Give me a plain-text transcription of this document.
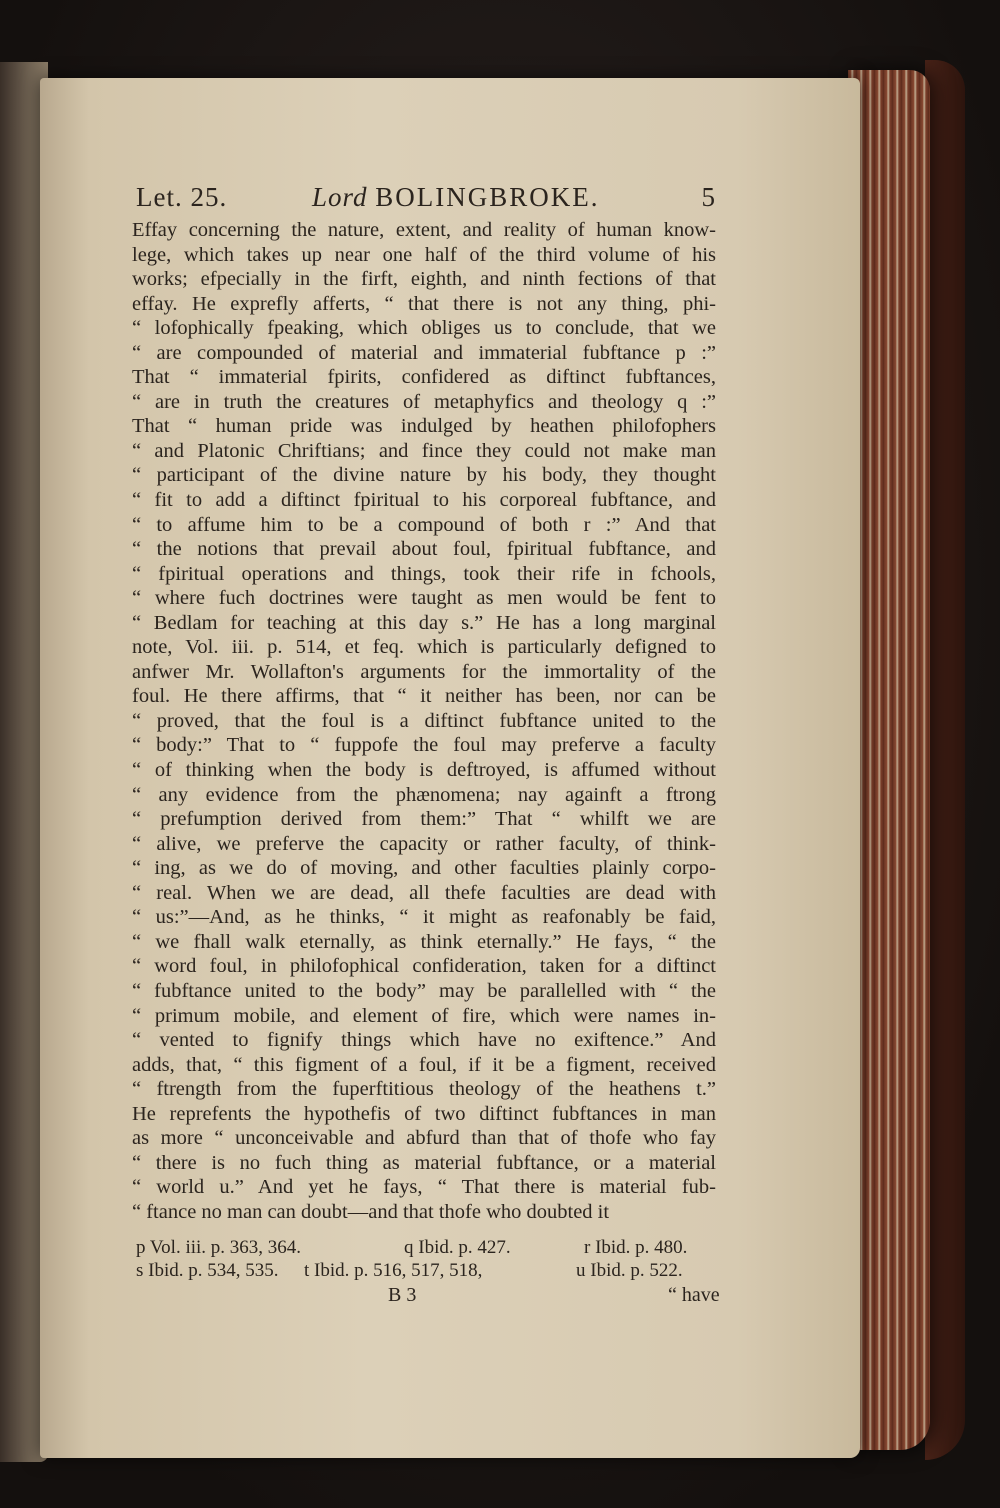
Let. 25.	Lord BOLINGBROKE.	5
Effay concerning the nature, extent, and reality of human know-
lege, which takes up near one half of the third volume of his
works; efpecially in the firft, eighth, and ninth fections of that
effay. He exprefly afferts, “ that there is not any thing, phi-
“ lofophically fpeaking, which obliges us to conclude, that we
“ are compounded of material and immaterial fubftance p :”
That “ immaterial fpirits, confidered as diftinct fubftances,
“ are in truth the creatures of metaphyfics and theology q :”
That “ human pride was indulged by heathen philofophers
“ and Platonic Chriftians; and fince they could not make man
“ participant of the divine nature by his body, they thought
“ fit to add a diftinct fpiritual to his corporeal fubftance, and
“ to affume him to be a compound of both r :” And that
“ the notions that prevail about foul, fpiritual fubftance, and
“ fpiritual operations and things, took their rife in fchools,
“ where fuch doctrines were taught as men would be fent to
“ Bedlam for teaching at this day s.” He has a long marginal
note, Vol. iii. p. 514, et feq. which is particularly defigned to
anfwer Mr. Wollafton's arguments for the immortality of the
foul. He there affirms, that “ it neither has been, nor can be
“ proved, that the foul is a diftinct fubftance united to the
“ body:” That to “ fuppofe the foul may preferve a faculty
“ of thinking when the body is deftroyed, is affumed without
“ any evidence from the phænomena; nay againft a ftrong
“ prefumption derived from them:” That “ whilft we are
“ alive, we preferve the capacity or rather faculty, of think-
“ ing, as we do of moving, and other faculties plainly corpo-
“ real. When we are dead, all thefe faculties are dead with
“ us:”—And, as he thinks, “ it might as reafonably be faid,
“ we fhall walk eternally, as think eternally.” He fays, “ the
“ word foul, in philofophical confideration, taken for a diftinct
“ fubftance united to the body” may be parallelled with “ the
“ primum mobile, and element of fire, which were names in-
“ vented to fignify things which have no exiftence.” And
adds, that, “ this figment of a foul, if it be a figment, received
“ ftrength from the fuperftitious theology of the heathens t.”
He reprefents the hypothefis of two diftinct fubftances in man
as more “ unconceivable and abfurd than that of thofe who fay
“ there is no fuch thing as material fubftance, or a material
“ world u.” And yet he fays, “ That there is material fub-
“ ftance no man can doubt—and that thofe who doubted it
p Vol. iii. p. 363, 364.	q Ibid. p. 427.	r Ibid. p. 480.
s Ibid. p. 534, 535. t Ibid. p. 516, 517, 518,	u Ibid. p. 522.
B 3	“ have
